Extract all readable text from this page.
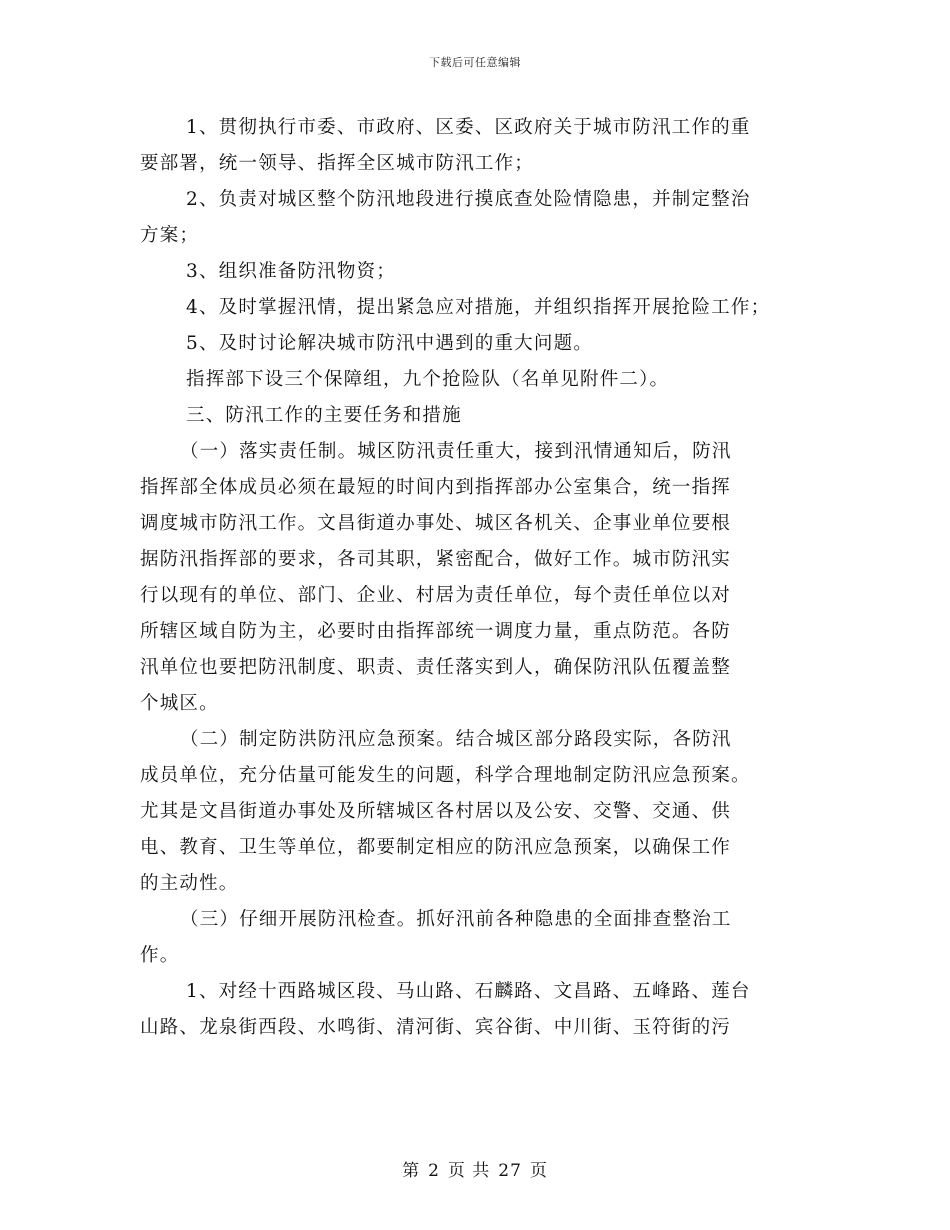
下载后可任意编辑
1、贯彻执行市委、市政府、区委、区政府关于城市防汛工作的重
要部署，统一领导、指挥全区城市防汛工作；
2、负责对城区整个防汛地段进行摸底查处险情隐患，并制定整治
方案；
3、组织准备防汛物资；
4、及时掌握汛情，提出紧急应对措施，并组织指挥开展抢险工作；
5、及时讨论解决城市防汛中遇到的重大问题。
指挥部下设三个保障组，九个抢险队（名单见附件二）。
三、防汛工作的主要任务和措施
（一）落实责任制。城区防汛责任重大，接到汛情通知后，防汛
指挥部全体成员必须在最短的时间内到指挥部办公室集合，统一指挥
调度城市防汛工作。文昌街道办事处、城区各机关、企事业单位要根
据防汛指挥部的要求，各司其职，紧密配合，做好工作。城市防汛实
行以现有的单位、部门、企业、村居为责任单位，每个责任单位以对
所辖区域自防为主，必要时由指挥部统一调度力量，重点防范。各防
汛单位也要把防汛制度、职责、责任落实到人，确保防汛队伍覆盖整
个城区。
（二）制定防洪防汛应急预案。结合城区部分路段实际，各防汛
成员单位，充分估量可能发生的问题，科学合理地制定防汛应急预案。
尤其是文昌街道办事处及所辖城区各村居以及公安、交警、交通、供
电、教育、卫生等单位，都要制定相应的防汛应急预案，以确保工作
的主动性。
（三）仔细开展防汛检查。抓好汛前各种隐患的全面排查整治工
作。
1、对经十西路城区段、马山路、石麟路、文昌路、五峰路、莲台
山路、龙泉街西段、水鸣街、清河街、宾谷街、中川街、玉符街的污
第 2 页 共 27 页
